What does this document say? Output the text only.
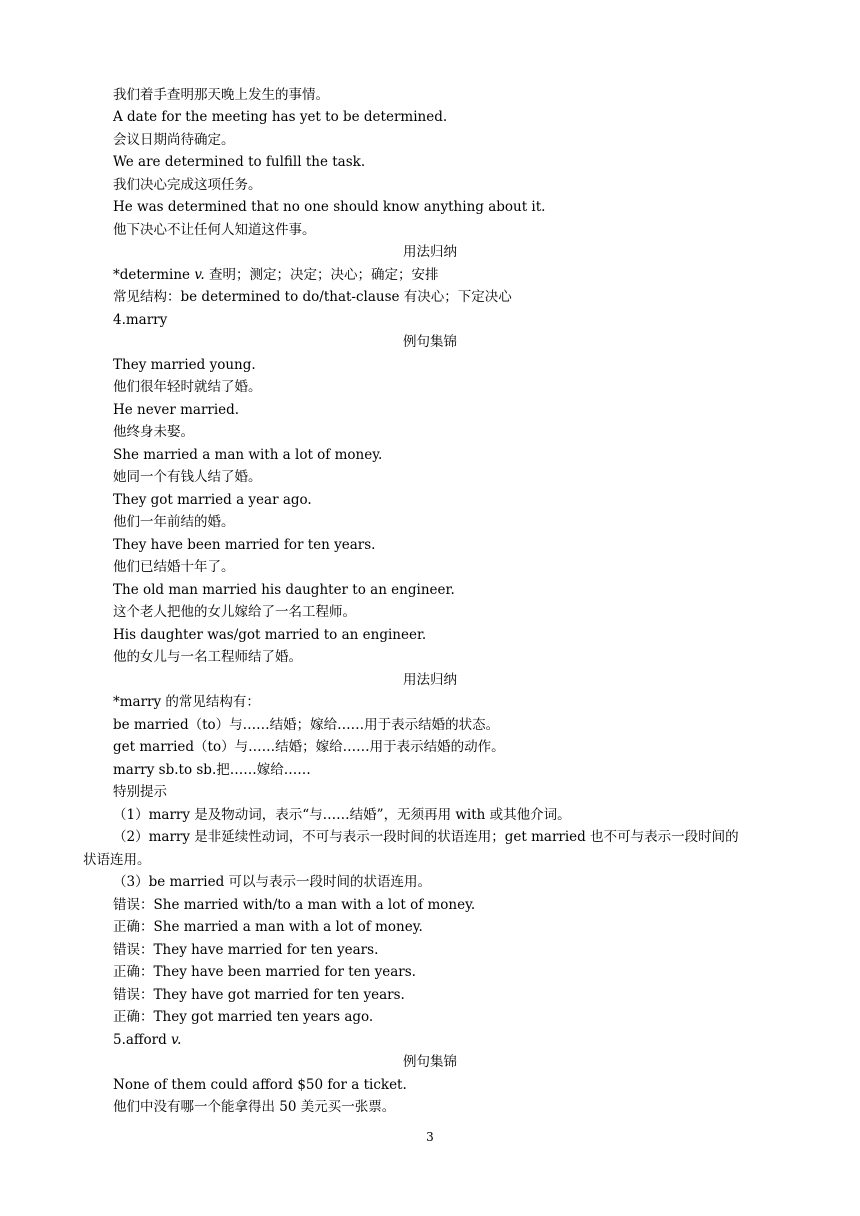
我们着手查明那天晚上发生的事情。
A date for the meeting has yet to be determined.
会议日期尚待确定。
We are determined to fulfill the task.
我们决心完成这项任务。
He was determined that no one should know anything about it.
他下决心不让任何人知道这件事。
用法归纳
*determine v. 查明；测定；决定；决心；确定；安排
常见结构：be determined to do/that-clause 有决心；下定决心
4.marry
例句集锦
They married young.
他们很年轻时就结了婚。
He never married.
他终身未娶。
She married a man with a lot of money.
她同一个有钱人结了婚。
They got married a year ago.
他们一年前结的婚。
They have been married for ten years.
他们已结婚十年了。
The old man married his daughter to an engineer.
这个老人把他的女儿嫁给了一名工程师。
His daughter was/got married to an engineer.
他的女儿与一名工程师结了婚。
用法归纳
*marry 的常见结构有：
be married（to）与……结婚；嫁给……用于表示结婚的状态。
get married（to）与……结婚；嫁给……用于表示结婚的动作。
marry sb.to sb.把……嫁给……
特别提示
（1）marry 是及物动词，表示“与……结婚”，无须再用 with 或其他介词。
（2）marry 是非延续性动词，不可与表示一段时间的状语连用；get married 也不可与表示一段时间的
状语连用。
（3）be married 可以与表示一段时间的状语连用。
错误：She married with/to a man with a lot of money.
正确：She married a man with a lot of money.
错误：They have married for ten years.
正确：They have been married for ten years.
错误：They have got married for ten years.
正确：They got married ten years ago.
5.afford v.
例句集锦
None of them could afford $50 for a ticket.
他们中没有哪一个能拿得出 50 美元买一张票。
3
